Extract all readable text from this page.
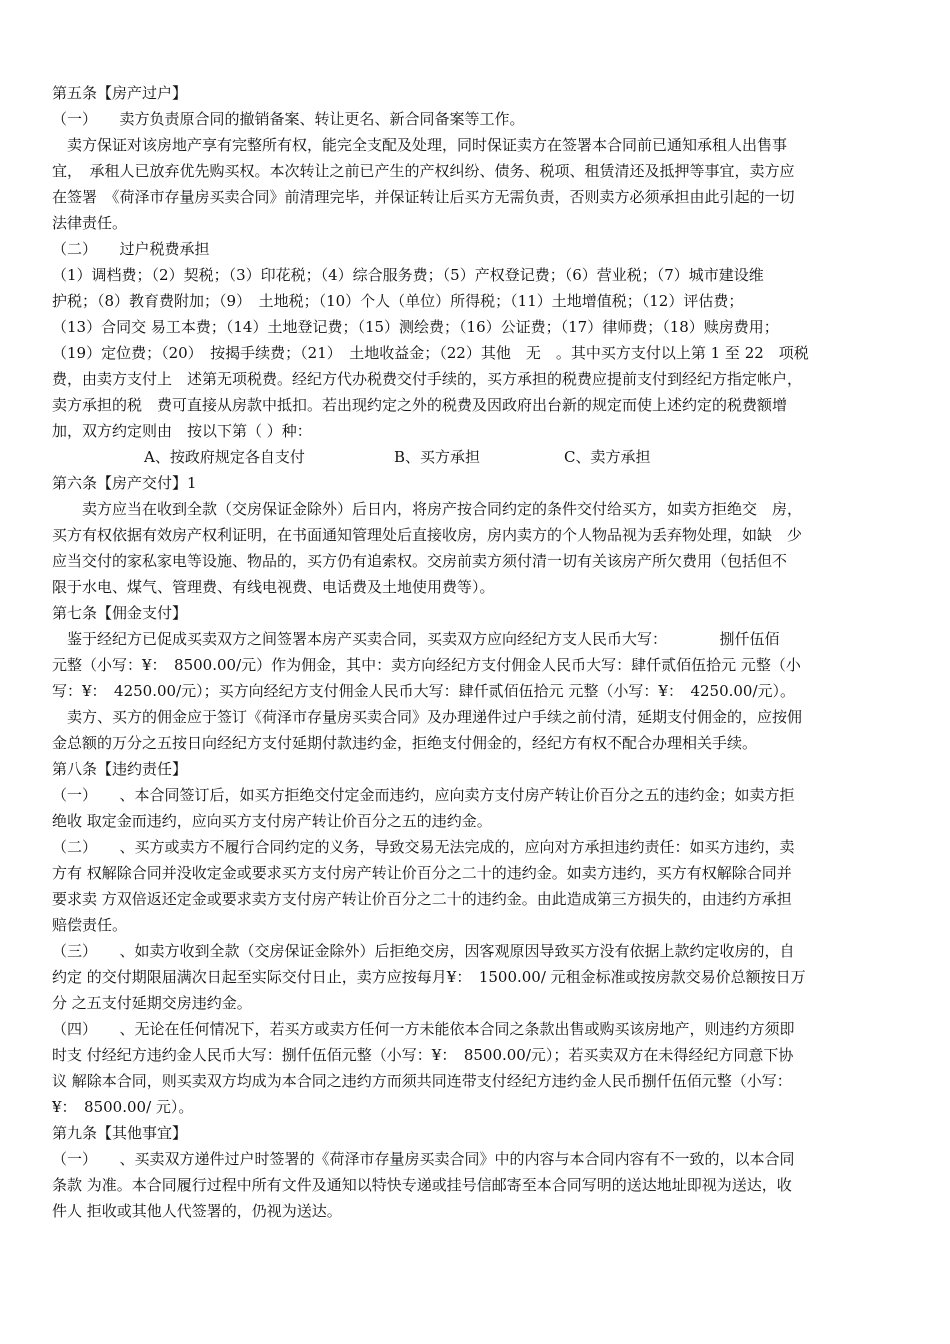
第五条【房产过户】
（一）　　卖方负责原合同的撤销备案、转让更名、新合同备案等工作。
　卖方保证对该房地产享有完整所有权，能完全支配及处理，同时保证卖方在签署本合同前已通知承租人出售事
宜，　承租人已放弃优先购买权。本次转让之前已产生的产权纠纷、债务、税项、租赁清还及抵押等事宜，卖方应
在签署　《荷泽市存量房买卖合同》前清理完毕，并保证转让后买方无需负责，否则卖方必须承担由此引起的一切
法律责任。
（二）　　过户税费承担
（1）调档费；（2）契税；（3）印花税；（4）综合服务费；（5）产权登记费；（6）营业税；（7）城市建设维
护税；（8）教育费附加；（9）　土地税；（10）个人（单位）所得税；（11）土地增值税；（12）评估费；
（13）合同交 易工本费；（14）土地登记费；（15）测绘费；（16）公证费；（17）律师费；（18）赎房费用；
（19）定位费；（20）　按揭手续费；（21）　土地收益金；（22）其他　无　。其中买方支付以上第 1 至 22　项税
费，由卖方支付上　述第无项税费。经纪方代办税费交付手续的，买方承担的税费应提前支付到经纪方指定帐户，
卖方承担的税　费可直接从房款中抵扣。若出现约定之外的税费及因政府出台新的规定而使上述约定的税费额增
加，双方约定则由　按以下第（ ）种：
A、按政府规定各自支付	B、买方承担	C、卖方承担
第六条【房产交付】1
　　卖方应当在收到全款（交房保证金除外）后日内，将房产按合同约定的条件交付给买方，如卖方拒绝交　房，
买方有权依据有效房产权利证明，在书面通知管理处后直接收房，房内卖方的个人物品视为丢弃物处理，如缺　少
应当交付的家私家电等设施、物品的，买方仍有追索权。交房前卖方须付清一切有关该房产所欠费用（包括但不
限于水电、煤气、管理费、有线电视费、电话费及土地使用费等）。
第七条【佣金支付】
　鉴于经纪方已促成买卖双方之间签署本房产买卖合同，买卖双方应向经纪方支人民币大写：　　　　捌仟伍佰
元整（小写：¥：　8500.00/元）作为佣金，其中：卖方向经纪方支付佣金人民币大写：肆仟贰佰伍拾元 元整（小
写：¥：　4250.00/元）；买方向经纪方支付佣金人民币大写：肆仟贰佰伍拾元 元整（小写：¥：　4250.00/元）。
　卖方、买方的佣金应于签订《荷泽市存量房买卖合同》及办理递件过户手续之前付清，延期支付佣金的，应按佣
金总额的万分之五按日向经纪方支付延期付款违约金，拒绝支付佣金的，经纪方有权不配合办理相关手续。
第八条【违约责任】
（一）　　、本合同签订后，如买方拒绝交付定金而违约，应向卖方支付房产转让价百分之五的违约金；如卖方拒
绝收 取定金而违约，应向买方支付房产转让价百分之五的违约金。
（二）　　、买方或卖方不履行合同约定的义务，导致交易无法完成的，应向对方承担违约责任：如买方违约，卖
方有 权解除合同并没收定金或要求买方支付房产转让价百分之二十的违约金。如卖方违约，买方有权解除合同并
要求卖 方双倍返还定金或要求卖方支付房产转让价百分之二十的违约金。由此造成第三方损失的，由违约方承担
赔偿责任。
（三）　　、如卖方收到全款（交房保证金除外）后拒绝交房，因客观原因导致买方没有依据上款约定收房的，自
约定 的交付期限届满次日起至实际交付日止，卖方应按每月¥：　1500.00/ 元租金标准或按房款交易价总额按日万
分 之五支付延期交房违约金。
（四）　　、无论在任何情况下，若买方或卖方任何一方未能依本合同之条款出售或购买该房地产，则违约方须即
时支 付经纪方违约金人民币大写：捌仟伍佰元整（小写：¥：　8500.00/元）；若买卖双方在未得经纪方同意下协
议 解除本合同，则买卖双方均成为本合同之违约方而须共同连带支付经纪方违约金人民币捌仟伍佰元整（小写：
¥：　8500.00/ 元）。
第九条【其他事宜】
（一）　　、买卖双方递件过户时签署的《荷泽市存量房买卖合同》中的内容与本合同内容有不一致的，以本合同
条款 为准。本合同履行过程中所有文件及通知以特快专递或挂号信邮寄至本合同写明的送达地址即视为送达，收
件人 拒收或其他人代签署的，仍视为送达。
